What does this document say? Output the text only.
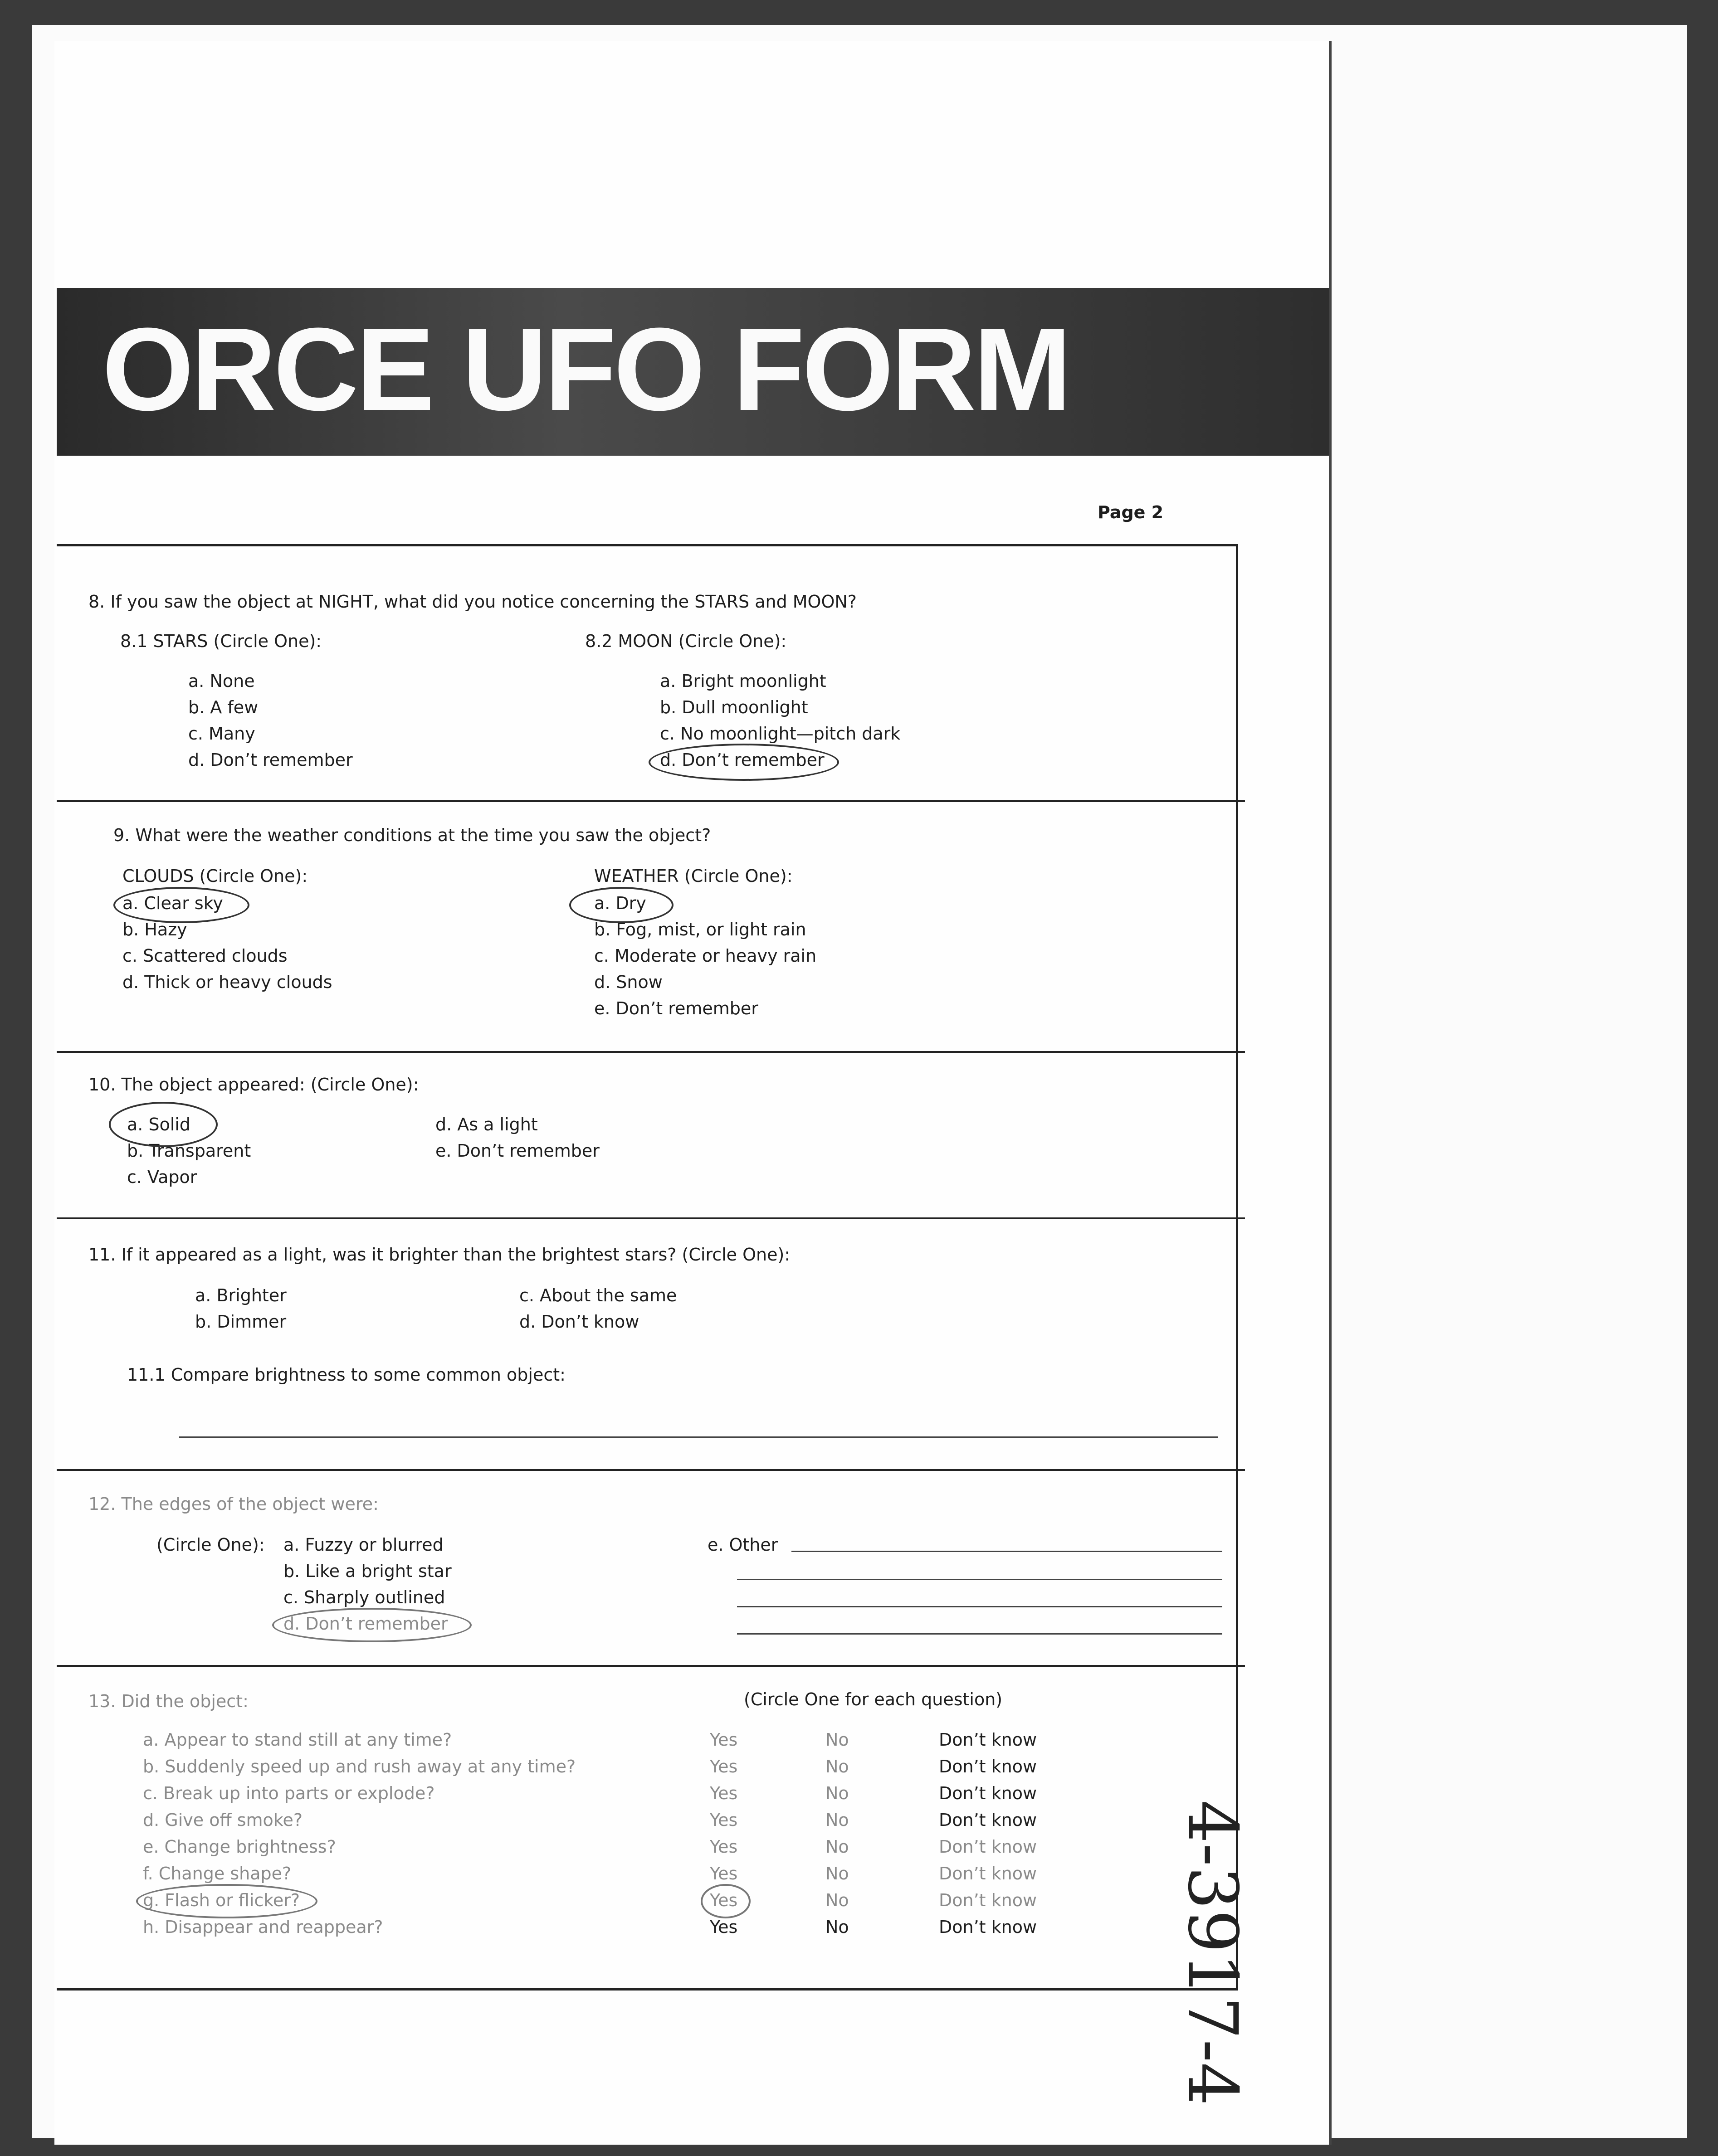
ORCE UFO FORM
Page 2
8. If you saw the object at NIGHT, what did you notice concerning the STARS and MOON?
8.1 STARS (Circle One):
a. None
b. A few
c. Many
d. Don’t remember
8.2 MOON (Circle One):
a. Bright moonlight
b. Dull moonlight
c. No moonlight—pitch dark
d. Don’t remember
9. What were the weather conditions at the time you saw the object?
CLOUDS (Circle One):
a. Clear sky
b. Hazy
c. Scattered clouds
d. Thick or heavy clouds
WEATHER (Circle One):
a. Dry
b. Fog, mist, or light rain
c. Moderate or heavy rain
d. Snow
e. Don’t remember
10. The object appeared: (Circle One):
a. Solid
b. Transparent
c. Vapor
d. As a light
e. Don’t remember
11. If it appeared as a light, was it brighter than the brightest stars? (Circle One):
a. Brighter
b. Dimmer
c. About the same
d. Don’t know
11.1 Compare brightness to some common object:
12. The edges of the object were:
(Circle One): a. Fuzzy or blurred
b. Like a bright star
c. Sharply outlined
d. Don’t remember
e. Other
13. Did the object:	(Circle One for each question)
a. Appear to stand still at any time?	Yes	No	Don’t know
b. Suddenly speed up and rush away at any time?	Yes	No	Don’t know
c. Break up into parts or explode?	Yes	No	Don’t know
d. Give off smoke?	Yes	No	Don’t know
e. Change brightness?	Yes	No	Don’t know
f. Change shape?	Yes	No	Don’t know
g. Flash or flicker?	Yes	No	Don’t know
h. Disappear and reappear?	Yes	No	Don’t know 4-3917-4
